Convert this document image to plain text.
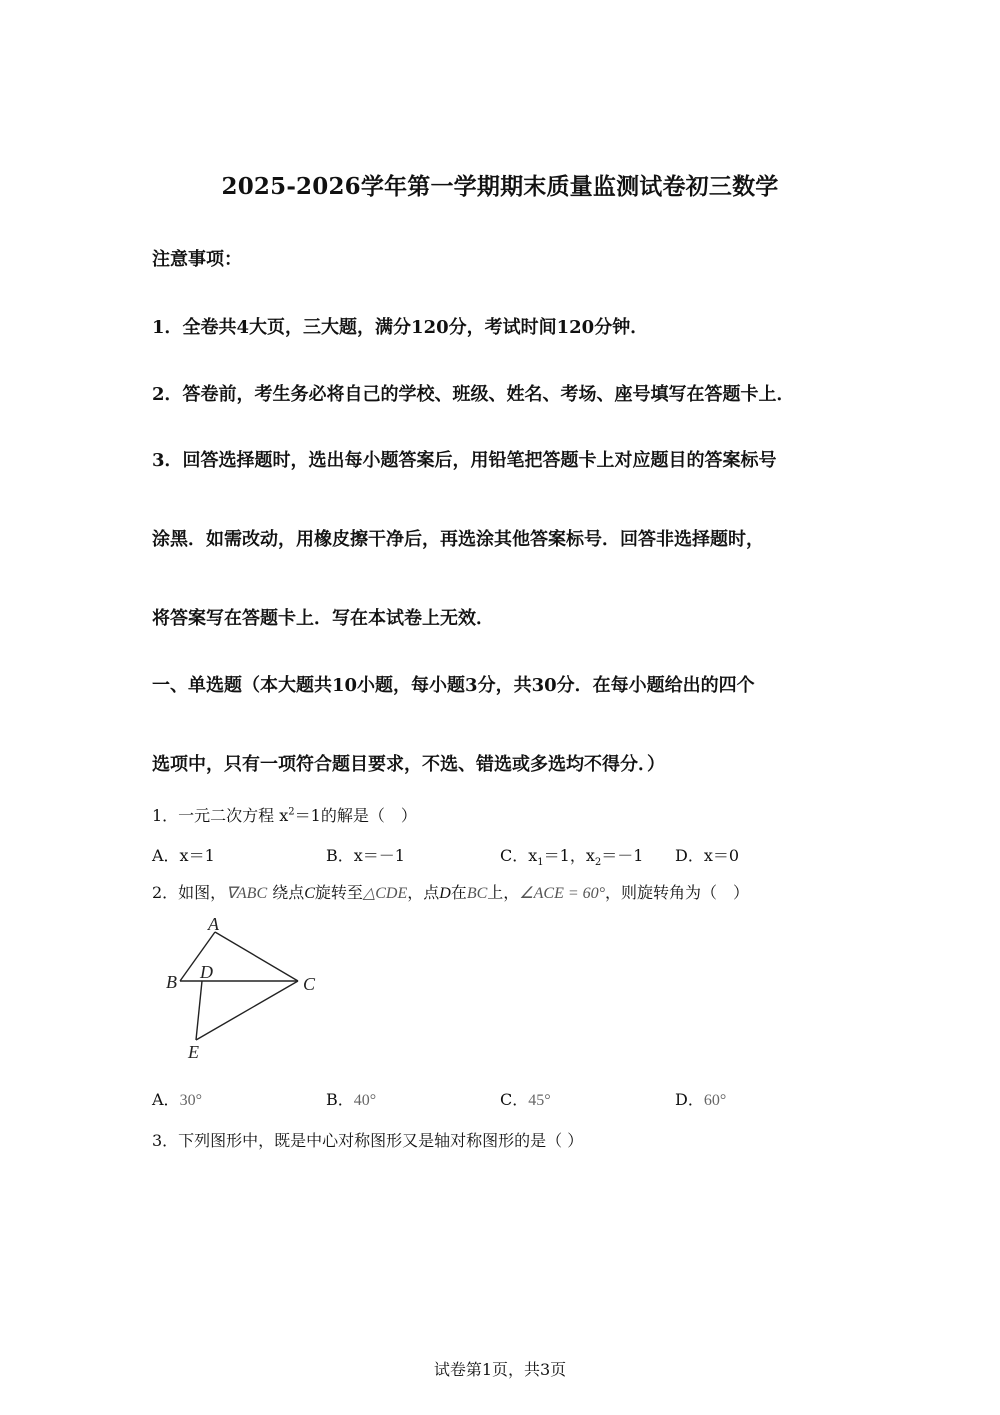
2025-2026学年第一学期期末质量监测试卷初三数学
注意事项：
1．全卷共4大页，三大题，满分120分，考试时间120分钟．
2．答卷前，考生务必将自己的学校、班级、姓名、考场、座号填写在答题卡上．
3．回答选择题时，选出每小题答案后，用铅笔把答题卡上对应题目的答案标号
涂黑．如需改动，用橡皮擦干净后，再选涂其他答案标号．回答非选择题时，
将答案写在答题卡上．写在本试卷上无效．
一、单选题（本大题共10小题，每小题3分，共30分．在每小题给出的四个
选项中，只有一项符合题目要求，不选、错选或多选均不得分．）
1．一元二次方程 $x^2=1$的解是（　）
A．x＝1	B．x＝－1	C．$x_1=1$，$x_2=-1$ D．x＝0
2．如图，∇ABC 绕点C旋转至△CDE，点D在BC上，∠ACE = 60°，则旋转角为（　）
A
B D
C
E
A．30°	B．40°	C．45°	D．60°
3．下列图形中，既是中心对称图形又是轴对称图形的是（ ）
试卷第1页，共3页
